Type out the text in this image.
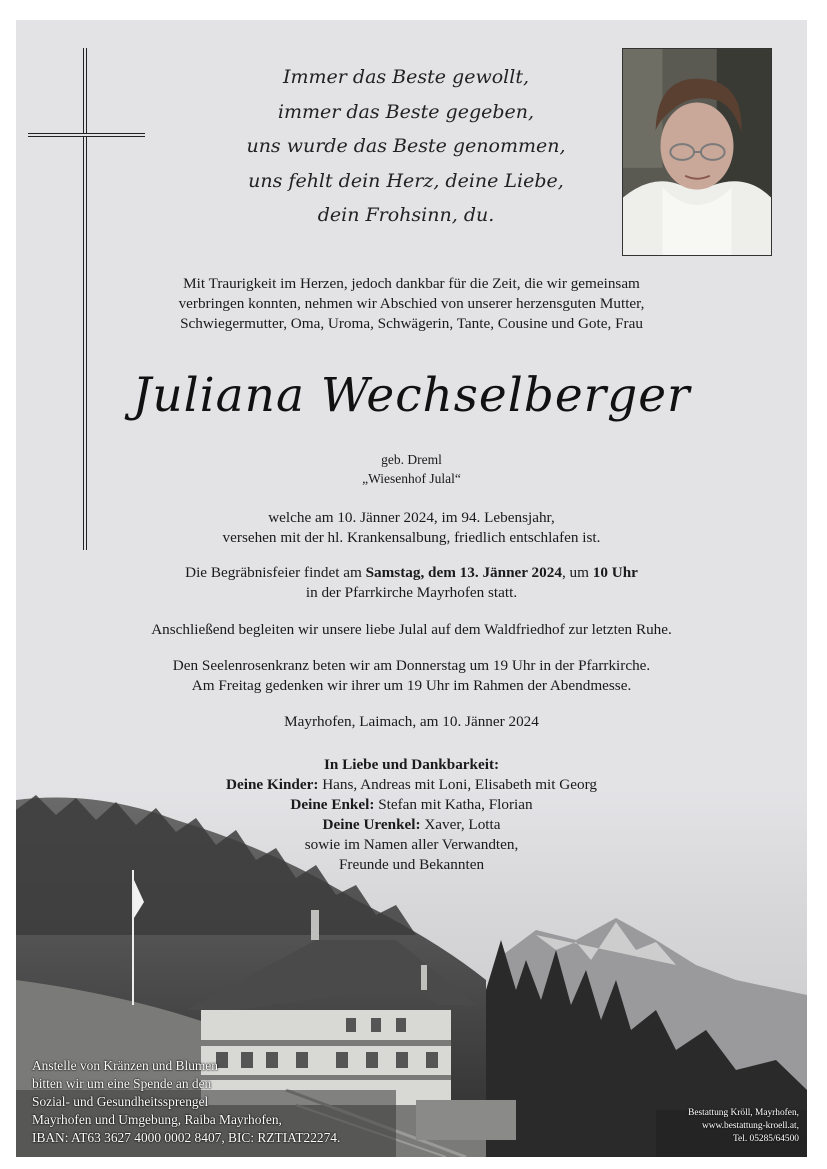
Immer das Beste gewollt,
immer das Beste gegeben,
uns wurde das Beste genommen,
uns fehlt dein Herz, deine Liebe,
dein Frohsinn, du.
Mit Traurigkeit im Herzen, jedoch dankbar für die Zeit, die wir gemeinsam
verbringen konnten, nehmen wir Abschied von unserer herzensguten Mutter,
Schwiegermutter, Oma, Uroma, Schwägerin, Tante, Cousine und Gote, Frau
Juliana Wechselberger
geb. Dreml
„Wiesenhof Julal“
welche am 10. Jänner 2024, im 94. Lebensjahr,
versehen mit der hl. Krankensalbung, friedlich entschlafen ist.
Die Begräbnisfeier findet am Samstag, dem 13. Jänner 2024, um 10 Uhr
in der Pfarrkirche Mayrhofen statt.
Anschließend begleiten wir unsere liebe Julal auf dem Waldfriedhof zur letzten Ruhe.
Den Seelenrosenkranz beten wir am Donnerstag um 19 Uhr in der Pfarrkirche.
Am Freitag gedenken wir ihrer um 19 Uhr im Rahmen der Abendmesse.
Mayrhofen, Laimach, am 10. Jänner 2024
In Liebe und Dankbarkeit:
Deine Kinder: Hans, Andreas mit Loni, Elisabeth mit Georg
Deine Enkel: Stefan mit Katha, Florian
Deine Urenkel: Xaver, Lotta
sowie im Namen aller Verwandten,
Freunde und Bekannten
Anstelle von Kränzen und Blumen
bitten wir um eine Spende an den
Sozial- und Gesundheitssprengel
Mayrhofen und Umgebung, Raiba Mayrhofen,
IBAN: AT63 3627 4000 0002 8407, BIC: RZTIAT22274.
Bestattung Kröll, Mayrhofen,
www.bestattung-kroell.at,
Tel. 05285/64500
